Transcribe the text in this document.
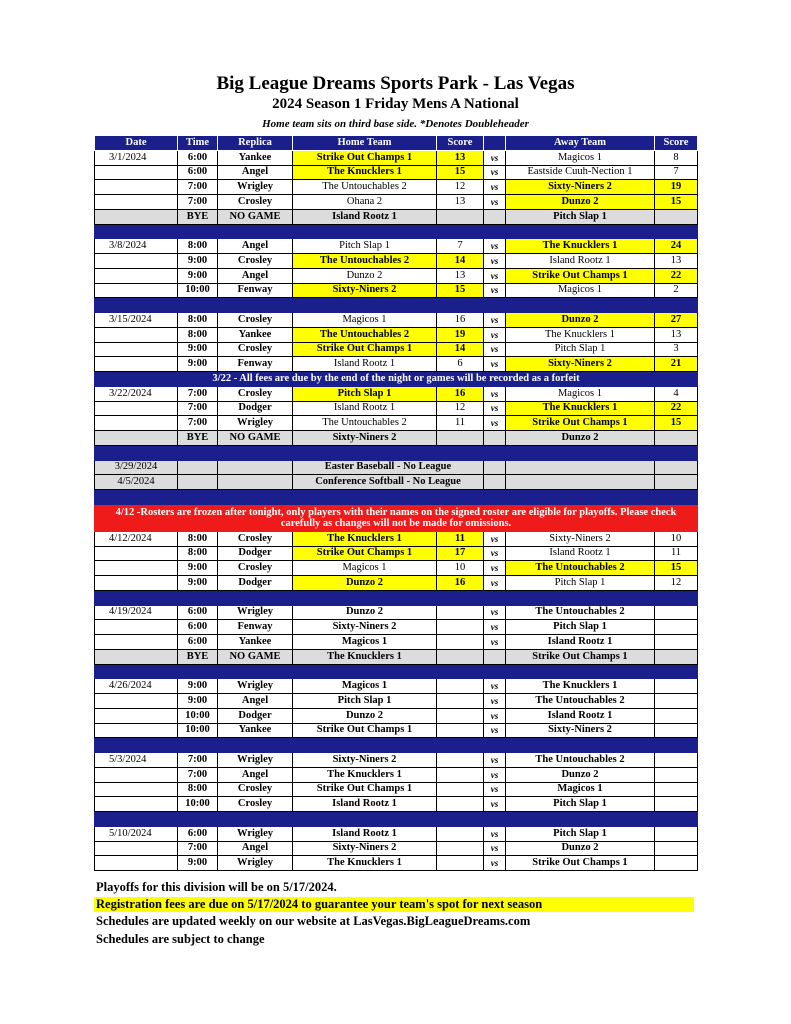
Big League Dreams Sports Park - Las Vegas
2024 Season 1 Friday Mens A National
Home team sits on third base side. *Denotes Doubleheader
Date	Time	Replica	Home Team	Score		Away Team	Score
3/1/2024	6:00	Yankee	Strike Out Champs 1	13	vs	Magicos 1	8
	6:00	Angel	The Knucklers 1	15	vs	Eastside Cuuh-Nection 1	7
	7:00	Wrigley	The Untouchables 2	12	vs	Sixty-Niners 2	19
	7:00	Crosley	Ohana 2	13	vs	Dunzo 2	15
	BYE	NO GAME	Island Rootz 1			Pitch Slap 1	

3/8/2024	8:00	Angel	Pitch Slap 1	7	vs	The Knucklers 1	24
	9:00	Crosley	The Untouchables 2	14	vs	Island Rootz 1	13
	9:00	Angel	Dunzo 2	13	vs	Strike Out Champs 1	22
	10:00	Fenway	Sixty-Niners 2	15	vs	Magicos 1	2

3/15/2024	8:00	Crosley	Magicos 1	16	vs	Dunzo 2	27
	8:00	Yankee	The Untouchables 2	19	vs	The Knucklers 1	13
	9:00	Crosley	Strike Out Champs 1	14	vs	Pitch Slap 1	3
	9:00	Fenway	Island Rootz 1	6	vs	Sixty-Niners 2	21
3/22 - All fees are due by the end of the night or games will be recorded as a forfeit							
3/22/2024	7:00	Crosley	Pitch Slap 1	16	vs	Magicos 1	4
	7:00	Dodger	Island Rootz 1	12	vs	The Knucklers 1	22
	7:00	Wrigley	The Untouchables 2	11	vs	Strike Out Champs 1	15
	BYE	NO GAME	Sixty-Niners 2			Dunzo 2	

3/29/2024			Easter Baseball - No League				
4/5/2024			Conference Softball - No League				

4/12 -Rosters are frozen after tonight, only players with their names on the signed roster are eligible for playoffs. Please check carefully as changes will not be made for omissions.							
4/12/2024	8:00	Crosley	The Knucklers 1	11	vs	Sixty-Niners 2	10
	8:00	Dodger	Strike Out Champs 1	17	vs	Island Rootz 1	11
	9:00	Crosley	Magicos 1	10	vs	The Untouchables 2	15
	9:00	Dodger	Dunzo 2	16	vs	Pitch Slap 1	12

4/19/2024	6:00	Wrigley	Dunzo 2		vs	The Untouchables 2	
	6:00	Fenway	Sixty-Niners 2		vs	Pitch Slap 1	
	6:00	Yankee	Magicos 1		vs	Island Rootz 1	
	BYE	NO GAME	The Knucklers 1			Strike Out Champs 1	

4/26/2024	9:00	Wrigley	Magicos 1		vs	The Knucklers 1	
	9:00	Angel	Pitch Slap 1		vs	The Untouchables 2	
	10:00	Dodger	Dunzo 2		vs	Island Rootz 1	
	10:00	Yankee	Strike Out Champs 1		vs	Sixty-Niners 2	

5/3/2024	7:00	Wrigley	Sixty-Niners 2		vs	The Untouchables 2	
	7:00	Angel	The Knucklers 1		vs	Dunzo 2	
	8:00	Crosley	Strike Out Champs 1		vs	Magicos 1	
	10:00	Crosley	Island Rootz 1		vs	Pitch Slap 1	

5/10/2024	6:00	Wrigley	Island Rootz 1		vs	Pitch Slap 1	
	7:00	Angel	Sixty-Niners 2		vs	Dunzo 2	
	9:00	Wrigley	The Knucklers 1		vs	Strike Out Champs 1	
Playoffs for this division will be on 5/17/2024.
Registration fees are due on 5/17/2024 to guarantee your team's spot for next season
Schedules are updated weekly on our website at LasVegas.BigLeagueDreams.com
Schedules are subject to change
